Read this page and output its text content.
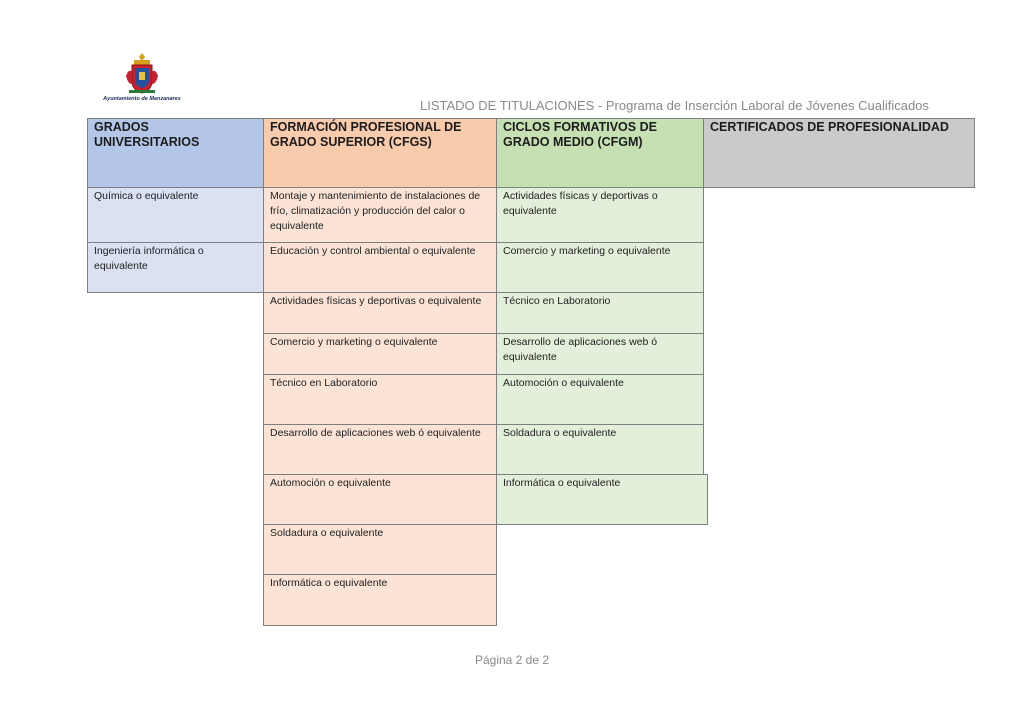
Ayuntamiento de Manzanares	LISTADO DE TITULACIONES - Programa de Inserción Laboral de Jóvenes Cualificados
GRADOS UNIVERSITARIOS
Química o equivalente
Ingeniería informática o equivalente
FORMACIÓN PROFESIONAL DE GRADO SUPERIOR (CFGS)
Montaje y mantenimiento de instalaciones de frío, climatización y producción del calor o equivalente
Educación y control ambiental o equivalente
Actividades físicas y deportivas o equivalente
Comercio y marketing o equivalente
Técnico en Laboratorio
Desarrollo de aplicaciones web ó equivalente
Automoción o equivalente
Soldadura o equivalente
Informática o equivalente
CICLOS FORMATIVOS DE GRADO MEDIO (CFGM)
Actividades físicas y deportivas o equivalente
Comercio y marketing o equivalente
Técnico en Laboratorio
Desarrollo de aplicaciones web ó equivalente
Automoción o equivalente
Soldadura o equivalente
Informática o equivalente
CERTIFICADOS DE PROFESIONALIDAD
Página 2 de 2
